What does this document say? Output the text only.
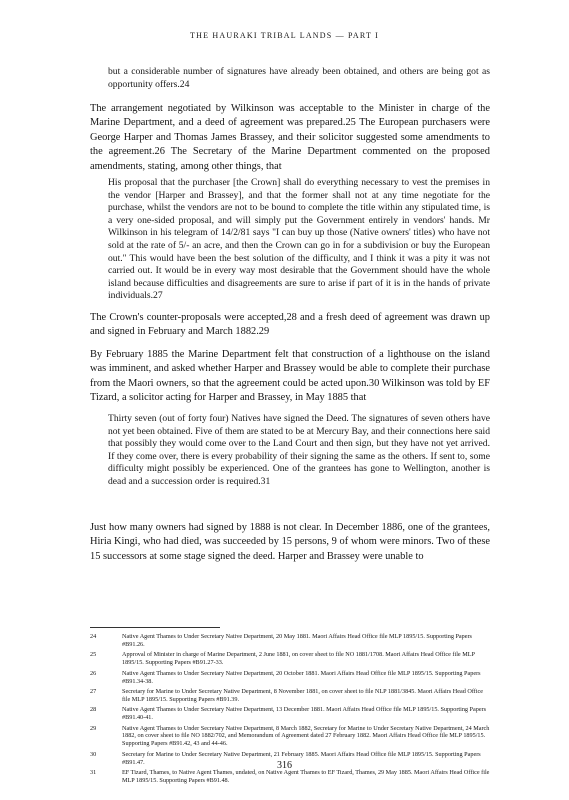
THE HAURAKI TRIBAL LANDS — PART I

but a considerable number of signatures have already been obtained, and others are being got as opportunity offers.24

The arrangement negotiated by Wilkinson was acceptable to the Minister in charge of the Marine Department, and a deed of agreement was prepared.25 The European purchasers were George Harper and Thomas James Brassey, and their solicitor suggested some amendments to the agreement.26 The Secretary of the Marine Department commented on the proposed amendments, stating, among other things, that

His proposal that the purchaser [the Crown] shall do everything necessary to vest the premises in the vendor [Harper and Brassey], and that the former shall not at any time negotiate for the purchase, whilst the vendors are not to be bound to complete the title within any stipulated time, is a very one-sided proposal, and will simply put the Government entirely in vendors' hands. Mr Wilkinson in his telegram of 14/2/81 says "I can buy up those (Native owners' titles) who have not sold at the rate of 5/- an acre, and then the Crown can go in for a subdivision or buy the European out." This would have been the best solution of the difficulty, and I think it was a pity it was not carried out. It would be in every way most desirable that the Government should have the whole island because difficulties and disagreements are sure to arise if part of it is in the hands of private individuals.27

The Crown's counter-proposals were accepted,28 and a fresh deed of agreement was drawn up and signed in February and March 1882.29

By February 1885 the Marine Department felt that construction of a lighthouse on the island was imminent, and asked whether Harper and Brassey would be able to complete their purchase from the Maori owners, so that the agreement could be acted upon.30 Wilkinson was told by EF Tizard, a solicitor acting for Harper and Brassey, in May 1885 that

Thirty seven (out of forty four) Natives have signed the Deed. The signatures of seven others have not yet been obtained. Five of them are stated to be at Mercury Bay, and their connections here said that possibly they would come over to the Land Court and then sign, but they have not yet arrived. If they come over, there is every probability of their signing the same as the others. If sent to, some difficulty might possibly be experienced. One of the grantees has gone to Wellington, another is dead and a succession order is required.31

Just how many owners had signed by 1888 is not clear. In December 1886, one of the grantees, Hiria Kingi, who had died, was succeeded by 15 persons, 9 of whom were minors. Two of these 15 successors at some stage signed the deed. Harper and Brassey were unable to

24	Native Agent Thames to Under Secretary Native Department, 20 May 1881. Maori Affairs Head Office file MLP 1895/15. Supporting Papers #B91.26.
25	Approval of Minister in charge of Marine Department, 2 June 1881, on cover sheet to file NO 1881/1708. Maori Affairs Head Office file MLP 1895/15. Supporting Papers #B91.27-33.
26	Native Agent Thames to Under Secretary Native Department, 20 October 1881. Maori Affairs Head Office file MLP 1895/15. Supporting Papers #B91.34-38.
27	Secretary for Marine to Under Secretary Native Department, 8 November 1881, on cover sheet to file NLP 1881/3845. Maori Affairs Head Office file MLP 1895/15. Supporting Papers #B91.39.
28	Native Agent Thames to Under Secretary Native Department, 13 December 1881. Maori Affairs Head Office file MLP 1895/15. Supporting Papers #B91.40-41.
29	Native Agent Thames to Under Secretary Native Department, 8 March 1882, Secretary for Marine to Under Secretary Native Department, 24 March 1882, on cover sheet to file NO 1882/702, and Memorandum of Agreement dated 27 February 1882. Maori Affairs Head Office file MLP 1895/15. Supporting Papers #B91.42, 43 and 44-46.
30	Secretary for Marine to Under Secretary Native Department, 21 February 1885. Maori Affairs Head Office file MLP 1895/15. Supporting Papers #B91.47.
31	EF Tizard, Thames, to Native Agent Thames, undated, on Native Agent Thames to EF Tizard, Thames, 29 May 1885. Maori Affairs Head Office file MLP 1895/15. Supporting Papers #B91.48.
316
